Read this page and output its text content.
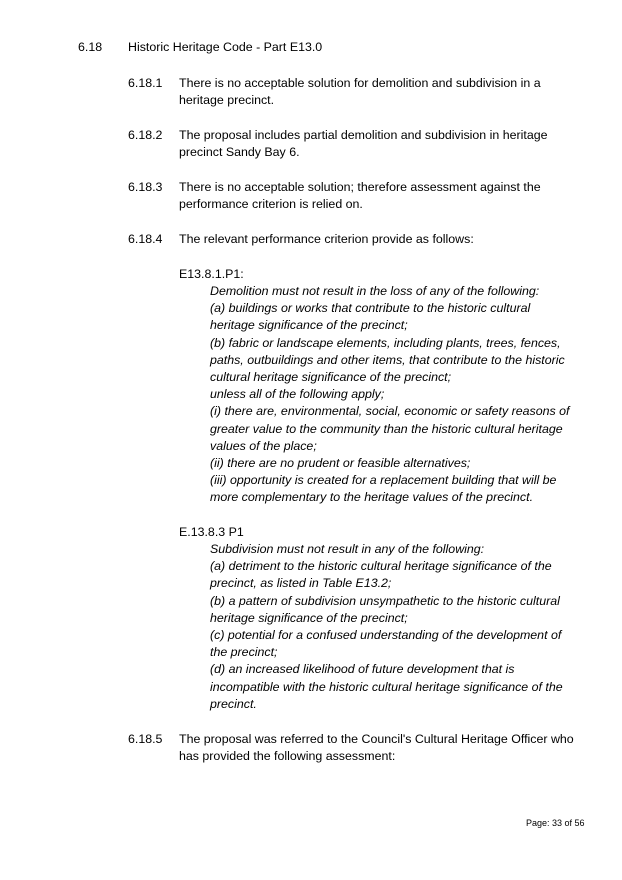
6.18 Historic Heritage Code - Part E13.0
6.18.1 There is no acceptable solution for demolition and subdivision in a
heritage precinct.
6.18.2 The proposal includes partial demolition and subdivision in heritage
precinct Sandy Bay 6.
6.18.3 There is no acceptable solution; therefore assessment against the
performance criterion is relied on.
6.18.4 The relevant performance criterion provide as follows:
E13.8.1.P1:
Demolition must not result in the loss of any of the following:
(a) buildings or works that contribute to the historic cultural
heritage significance of the precinct;
(b) fabric or landscape elements, including plants, trees, fences,
paths, outbuildings and other items, that contribute to the historic
cultural heritage significance of the precinct;
unless all of the following apply;
(i) there are, environmental, social, economic or safety reasons of
greater value to the community than the historic cultural heritage
values of the place;
(ii) there are no prudent or feasible alternatives;
(iii) opportunity is created for a replacement building that will be
more complementary to the heritage values of the precinct.
E.13.8.3 P1
Subdivision must not result in any of the following:
(a) detriment to the historic cultural heritage significance of the
precinct, as listed in Table E13.2;
(b) a pattern of subdivision unsympathetic to the historic cultural
heritage significance of the precinct;
(c) potential for a confused understanding of the development of
the precinct;
(d) an increased likelihood of future development that is
incompatible with the historic cultural heritage significance of the
precinct.
6.18.5 The proposal was referred to the Council's Cultural Heritage Officer who
has provided the following assessment:
Page: 33 of 56
